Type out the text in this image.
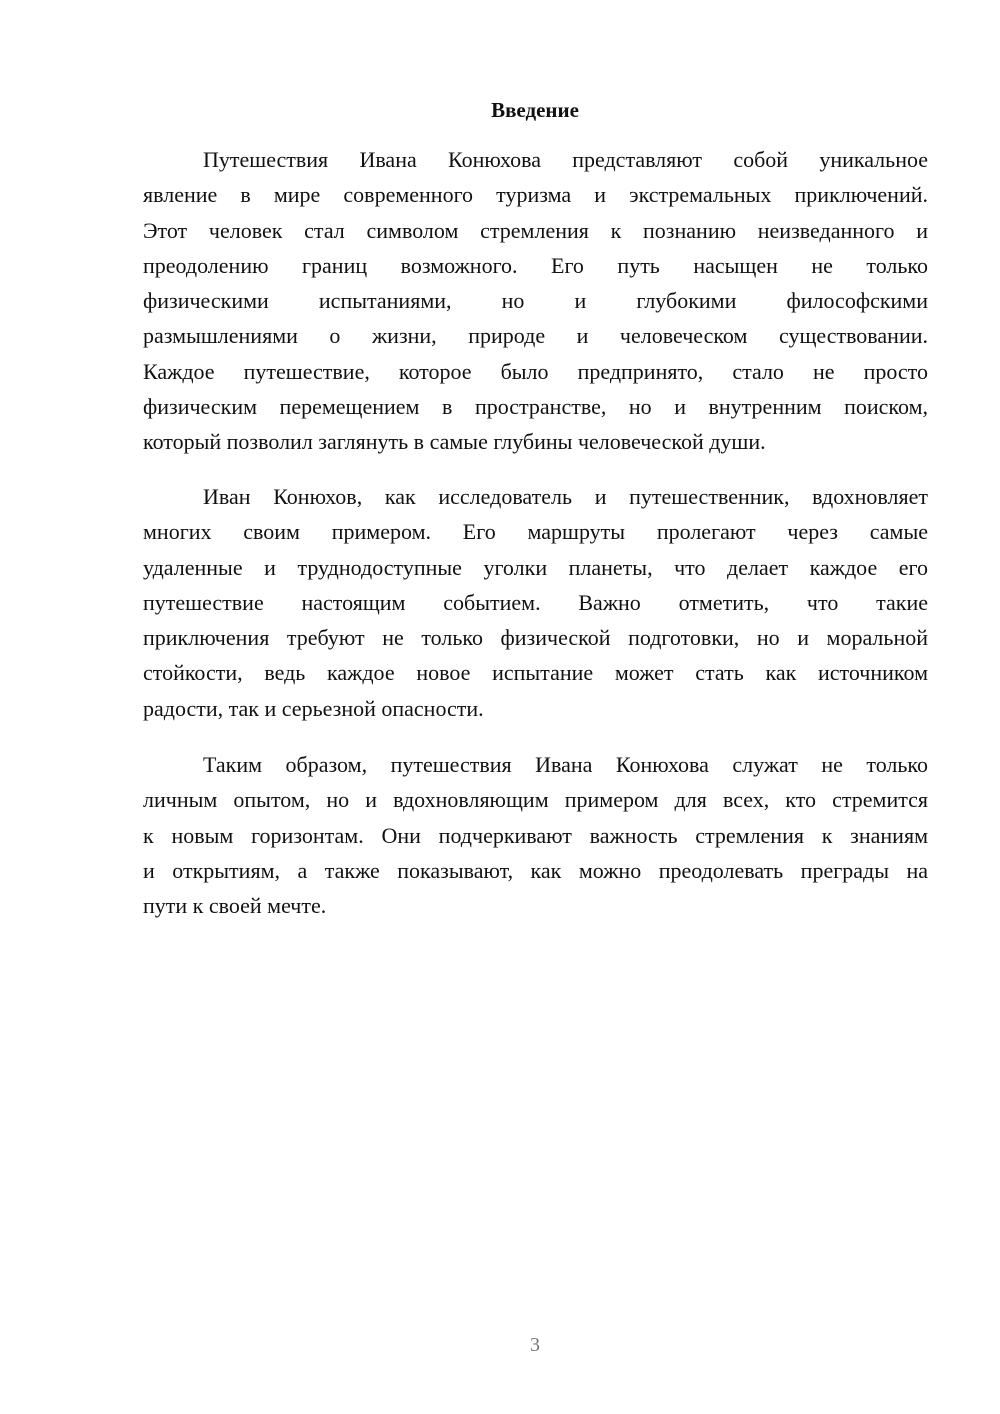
Введение
Путешествия Ивана Конюхова представляют собой уникальное
явление в мире современного туризма и экстремальных приключений.
Этот человек стал символом стремления к познанию неизведанного и
преодолению границ возможного. Его путь насыщен не только
физическими испытаниями, но и глубокими философскими
размышлениями о жизни, природе и человеческом существовании.
Каждое путешествие, которое было предпринято, стало не просто
физическим перемещением в пространстве, но и внутренним поиском,
который позволил заглянуть в самые глубины человеческой души.
Иван Конюхов, как исследователь и путешественник, вдохновляет
многих своим примером. Его маршруты пролегают через самые
удаленные и труднодоступные уголки планеты, что делает каждое его
путешествие настоящим событием. Важно отметить, что такие
приключения требуют не только физической подготовки, но и моральной
стойкости, ведь каждое новое испытание может стать как источником
радости, так и серьезной опасности.
Таким образом, путешествия Ивана Конюхова служат не только
личным опытом, но и вдохновляющим примером для всех, кто стремится
к новым горизонтам. Они подчеркивают важность стремления к знаниям
и открытиям, а также показывают, как можно преодолевать преграды на
пути к своей мечте.
3
